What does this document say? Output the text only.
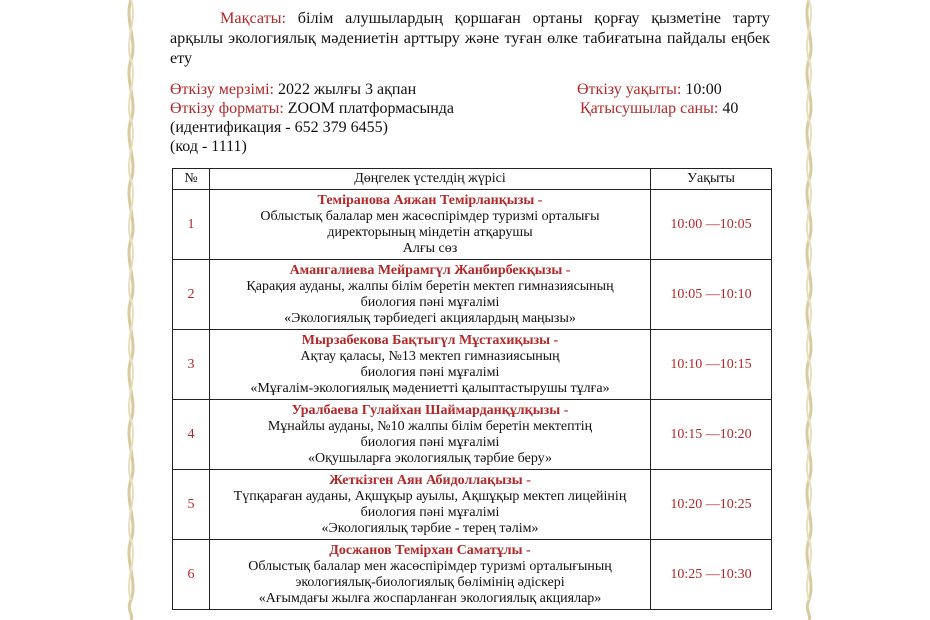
Мақсаты: білім алушылардың қоршаған ортаны қорғау қызметіне тарту арқылы экологиялық мәдениетін арттыру және туған өлке табиғатына пайдалы еңбек ету

Өткізу мерзімі: 2022 жылғы 3 ақпан	Өткізу уақыты: 10:00
Өткізу форматы: ZOOM платформасында	Қатысушылар саны: 40
(идентификация - 652 379 6455)
(код - 1111)
№	Дөңгелек үстелдің жүрісі	Уақыты
1	Теміранова Аяжан Темірланқызы -
Облыстық балалар мен жасөспірімдер туризмі орталығы
директорының міндетін атқарушы
Алғы сөз	10:00 —10:05
2	Амангалиева Мейрамгүл Жанбирбекқызы -
Қарақия ауданы, жалпы білім беретін мектеп гимназиясының
биология пәні мұғалімі
«Экологиялық тәрбиедегі акциялардың маңызы»	10:05 —10:10
3	Мырзабекова Бақтыгүл Мұстахиқызы -
Ақтау қаласы, №13 мектеп гимназиясының
биология пәні мұғалімі
«Мұғалім-экологиялық мәдениетті қалыптастырушы тұлға»	10:10 —10:15
4	Уралбаева Гулайхан Шаймарданқұлқызы -
Мұнайлы ауданы, №10 жалпы білім беретін мектептің
биология пәні мұғалімі
«Оқушыларға экологиялық тәрбие беру»	10:15 —10:20
5	Жеткізген Аян Абидоллақызы -
Түпқараған ауданы, Ақшұқыр ауылы, Ақшұқыр мектеп лицейінің
биология пәні мұғалімі
«Экологиялық тәрбие - терең тәлім»	10:20 —10:25
6	Досжанов Темірхан Саматұлы -
Облыстық балалар мен жасөспірімдер туризмі орталығының
экологиялық-биологиялық бөлімінің әдіскері
«Ағымдағы жылға жоспарланған экологиялық акциялар»	10:25 —10:30
